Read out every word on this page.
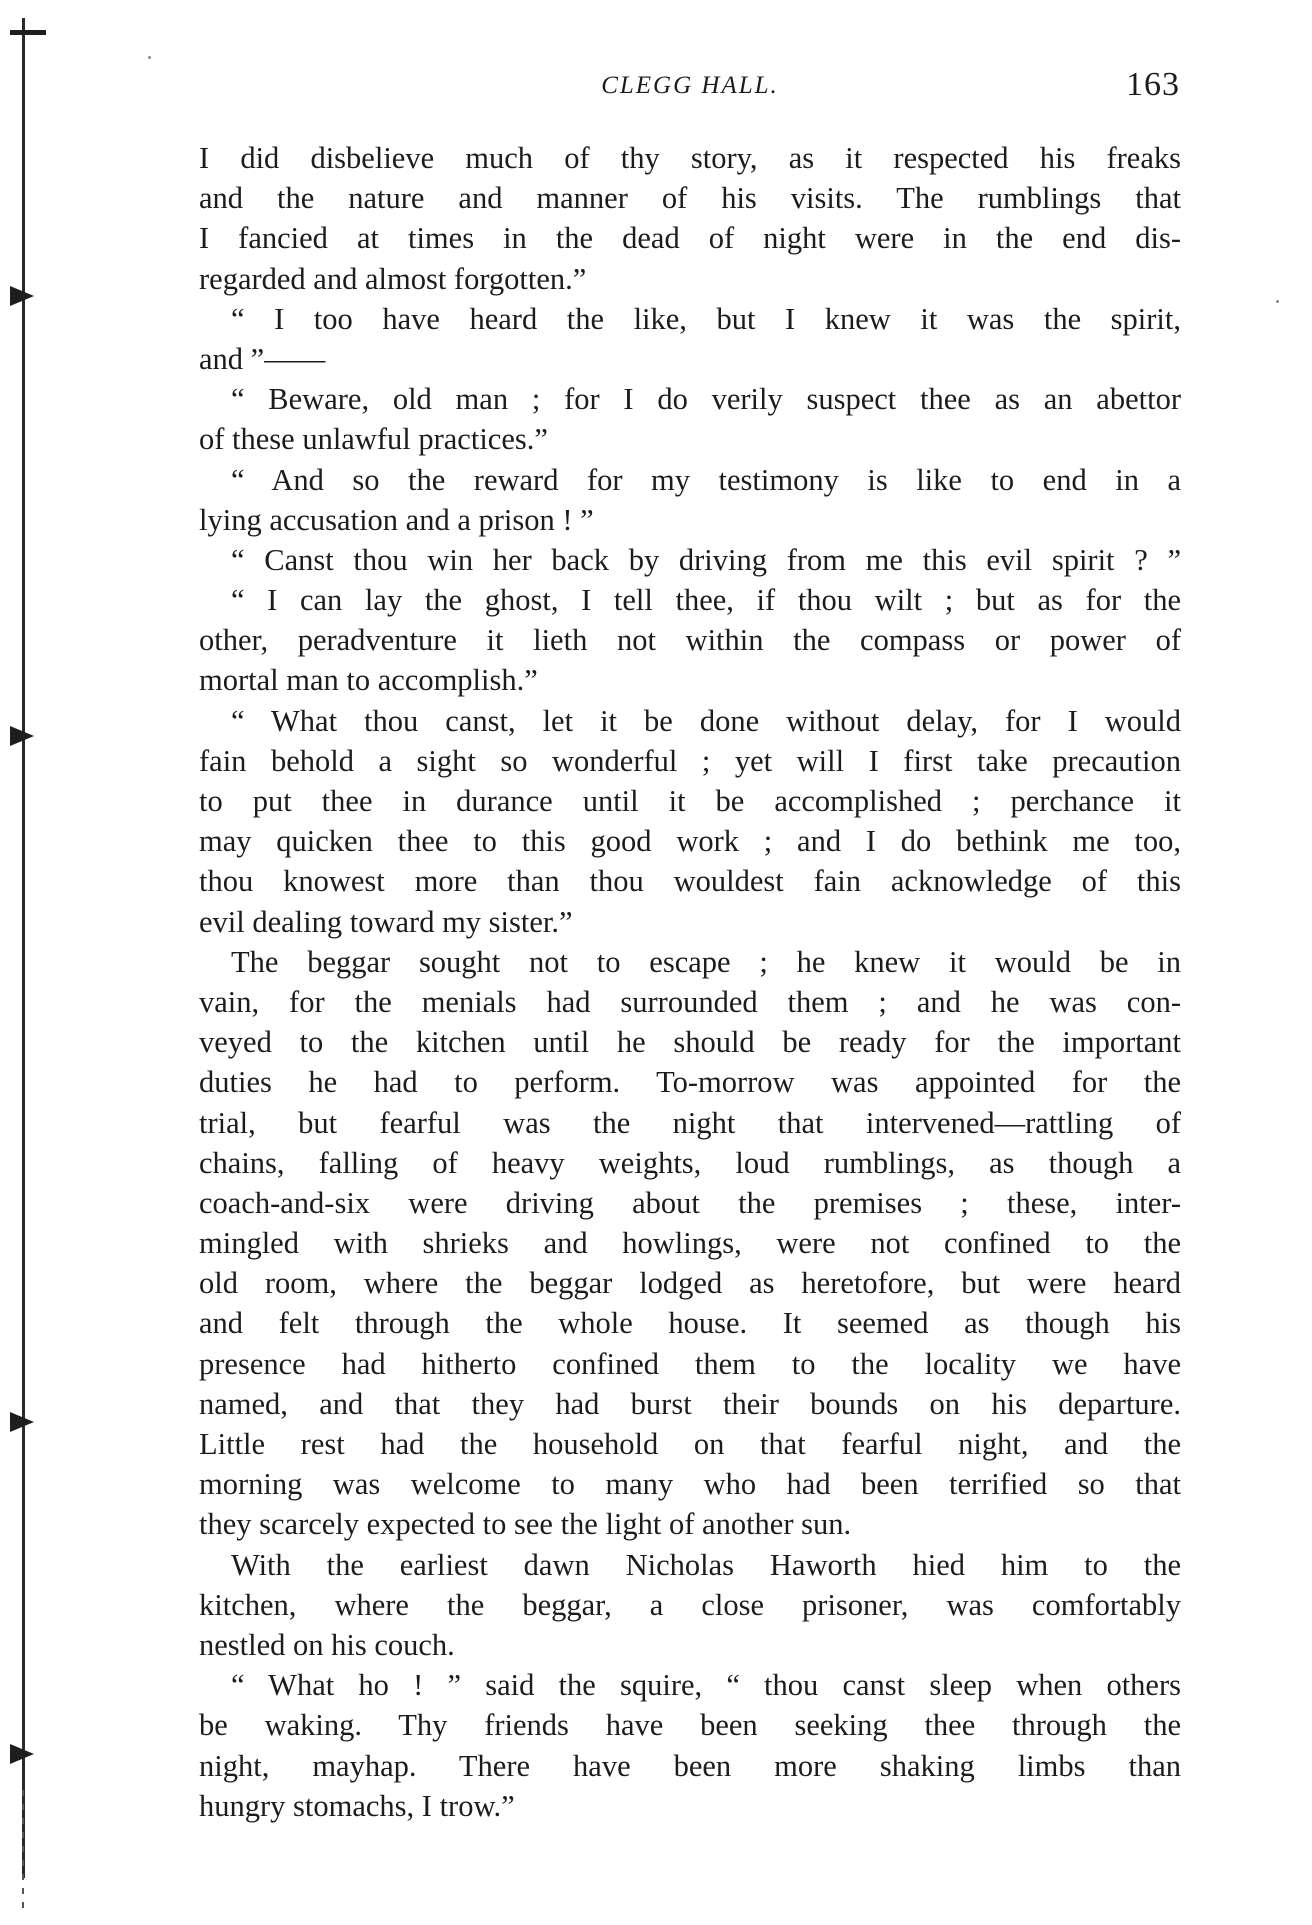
CLEGG HALL.	163
I did disbelieve much of thy story, as it respected his freaks
and the nature and manner of his visits. The rumblings that
I fancied at times in the dead of night were in the end dis-
regarded and almost forgotten.”
“ I too have heard the like, but I knew it was the spirit,
and ”——
“ Beware, old man ; for I do verily suspect thee as an abettor
of these unlawful practices.”
“ And so the reward for my testimony is like to end in a
lying accusation and a prison ! ”
“ Canst thou win her back by driving from me this evil spirit ? ”
“ I can lay the ghost, I tell thee, if thou wilt ; but as for the
other, peradventure it lieth not within the compass or power of
mortal man to accomplish.”
“ What thou canst, let it be done without delay, for I would
fain behold a sight so wonderful ; yet will I first take precaution
to put thee in durance until it be accomplished ; perchance it
may quicken thee to this good work ; and I do bethink me too,
thou knowest more than thou wouldest fain acknowledge of this
evil dealing toward my sister.”
The beggar sought not to escape ; he knew it would be in
vain, for the menials had surrounded them ; and he was con-
veyed to the kitchen until he should be ready for the important
duties he had to perform. To-morrow was appointed for the
trial, but fearful was the night that intervened—rattling of
chains, falling of heavy weights, loud rumblings, as though a
coach-and-six were driving about the premises ; these, inter-
mingled with shrieks and howlings, were not confined to the
old room, where the beggar lodged as heretofore, but were heard
and felt through the whole house. It seemed as though his
presence had hitherto confined them to the locality we have
named, and that they had burst their bounds on his departure.
Little rest had the household on that fearful night, and the
morning was welcome to many who had been terrified so that
they scarcely expected to see the light of another sun.
With the earliest dawn Nicholas Haworth hied him to the
kitchen, where the beggar, a close prisoner, was comfortably
nestled on his couch.
“ What ho ! ” said the squire, “ thou canst sleep when others
be waking. Thy friends have been seeking thee through the
night, mayhap. There have been more shaking limbs than
hungry stomachs, I trow.”
